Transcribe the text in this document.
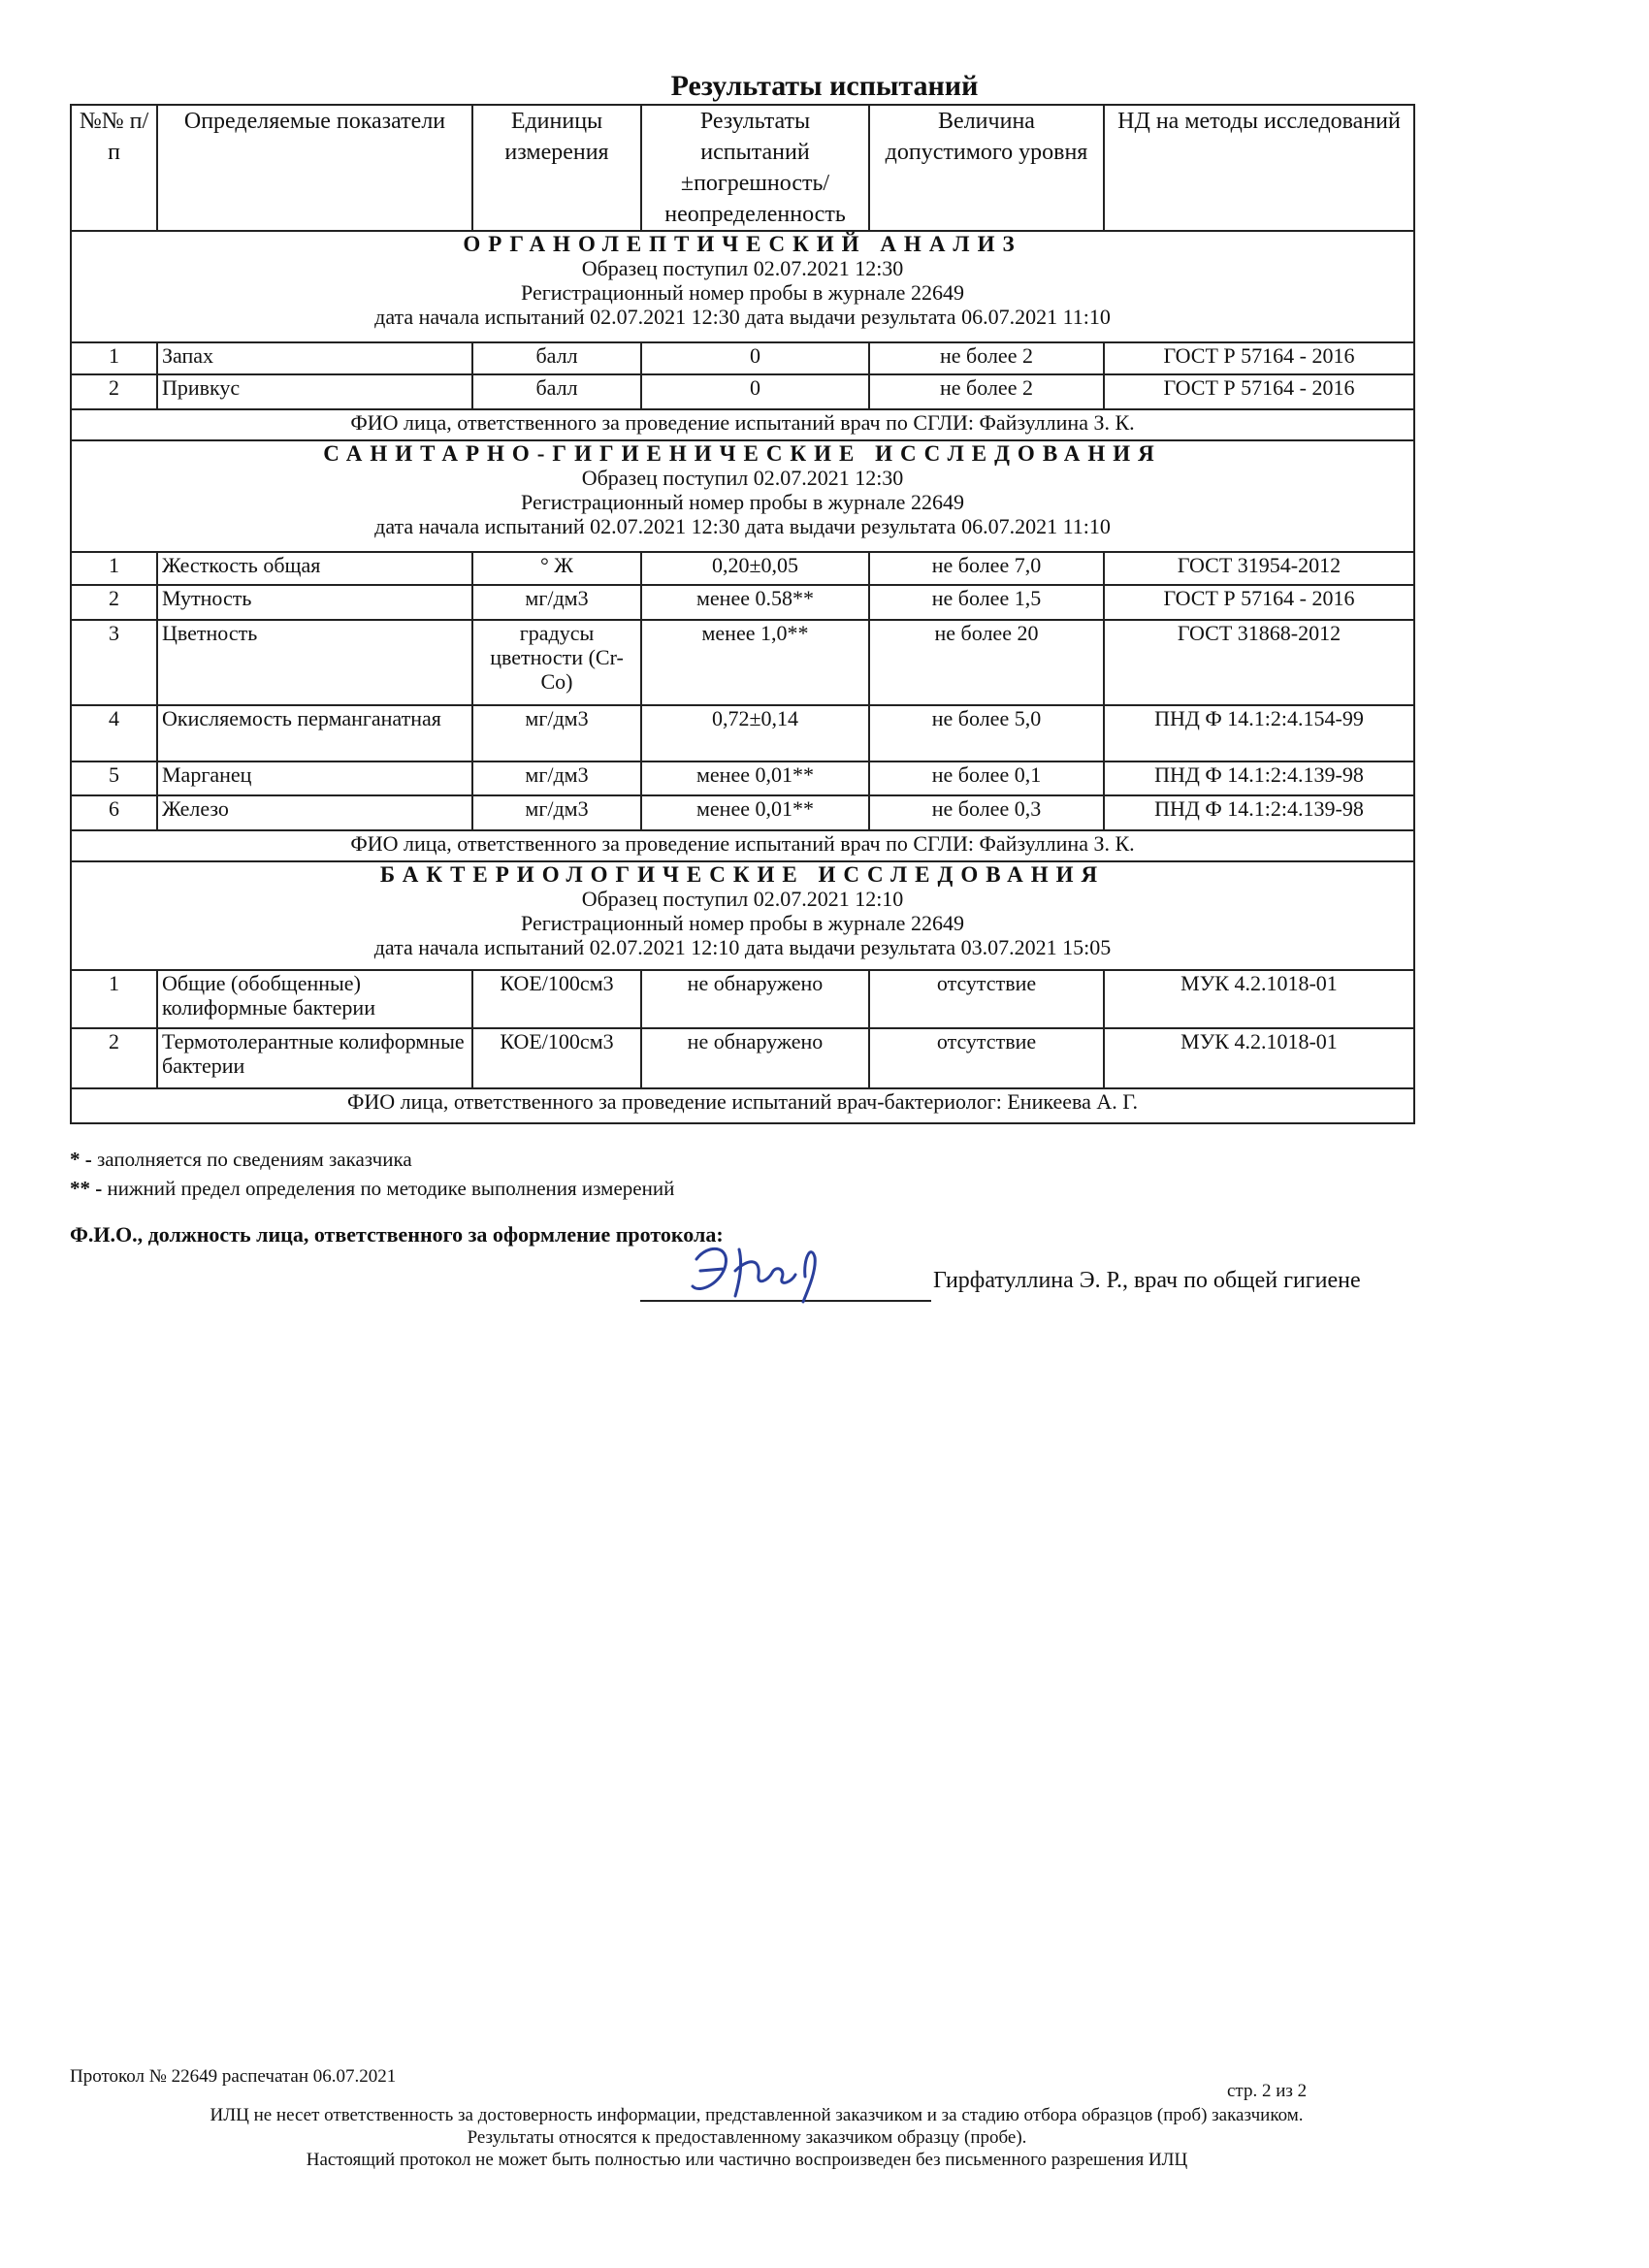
Результаты испытаний
№№ п/п	Определяемые показатели	Единицы измерения	Результаты испытаний ±погрешность/ неопределенность	Величина допустимого уровня	НД на методы исследований

ОРГАНОЛЕПТИЧЕСКИЙ АНАЛИЗ
Образец поступил 02.07.2021 12:30
Регистрационный номер пробы в журнале 22649
дата начала испытаний 02.07.2021 12:30 дата выдачи результата 06.07.2021 11:10					

1	Запах	балл	0	не более 2	ГОСТ Р 57164 - 2016
2	Привкус	балл	0	не более 2	ГОСТ Р 57164 - 2016
ФИО лица, ответственного за проведение испытаний врач по СГЛИ: Файзуллина З. К.					

САНИТАРНО-ГИГИЕНИЧЕСКИЕ ИССЛЕДОВАНИЯ
Образец поступил 02.07.2021 12:30
Регистрационный номер пробы в журнале 22649
дата начала испытаний 02.07.2021 12:30 дата выдачи результата 06.07.2021 11:10					

1	Жесткость общая	° Ж	0,20±0,05	не более 7,0	ГОСТ 31954-2012
2	Мутность	мг/дм3	менее 0.58**	не более 1,5	ГОСТ Р 57164 - 2016
3	Цветность	градусы цветности (Cr-Co)	менее 1,0**	не более 20	ГОСТ 31868-2012
4	Окисляемость перманганатная	мг/дм3	0,72±0,14	не более 5,0	ПНД Ф 14.1:2:4.154-99
5	Марганец	мг/дм3	менее 0,01**	не более 0,1	ПНД Ф 14.1:2:4.139-98
6	Железо	мг/дм3	менее 0,01**	не более 0,3	ПНД Ф 14.1:2:4.139-98
ФИО лица, ответственного за проведение испытаний врач по СГЛИ: Файзуллина З. К.					

БАКТЕРИОЛОГИЧЕСКИЕ ИССЛЕДОВАНИЯ
Образец поступил 02.07.2021 12:10
Регистрационный номер пробы в журнале 22649
дата начала испытаний 02.07.2021 12:10 дата выдачи результата 03.07.2021 15:05					

1	Общие (обобщенные) колиформные бактерии	КОЕ/100см3	не обнаружено	отсутствие	МУК 4.2.1018-01
2	Термотолерантные колиформные бактерии	КОЕ/100см3	не обнаружено	отсутствие	МУК 4.2.1018-01
ФИО лица, ответственного за проведение испытаний врач-бактериолог: Еникеева А. Г.					
* - заполняется по сведениям заказчика
** - нижний предел определения по методике выполнения измерений
Ф.И.О., должность лица, ответственного за оформление протокола:
Гирфатуллина Э. Р., врач по общей гигиене
Протокол № 22649 распечатан 06.07.2021
стр. 2 из 2
ИЛЦ не несет ответственность за достоверность информации, представленной заказчиком и за стадию отбора образцов (проб) заказчиком.
Результаты относятся к предоставленному заказчиком образцу (пробе).
Настоящий протокол не может быть полностью или частично воспроизведен без письменного разрешения ИЛЦ
